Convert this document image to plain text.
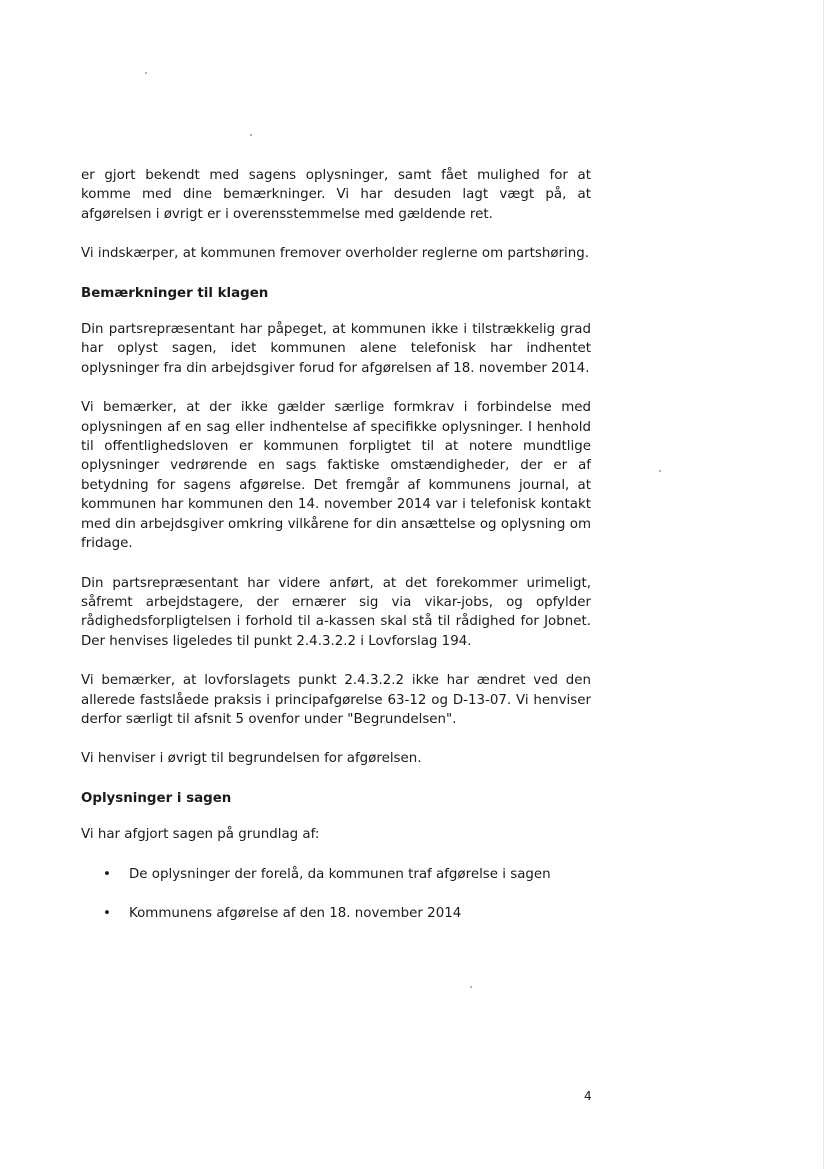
er gjort bekendt med sagens oplysninger, samt fået mulighed for at komme med dine bemærkninger. Vi har desuden lagt vægt på, at afgørelsen i øvrigt er i overensstemmelse med gældende ret.

Vi indskærper, at kommunen fremover overholder reglerne om partshøring.

Bemærkninger til klagen

Din partsrepræsentant har påpeget, at kommunen ikke i tilstrækkelig grad har oplyst sagen, idet kommunen alene telefonisk har indhentet oplysninger fra din arbejdsgiver forud for afgørelsen af 18. november 2014.

Vi bemærker, at der ikke gælder særlige formkrav i forbindelse med oplysningen af en sag eller indhentelse af specifikke oplysninger. I henhold til offentlighedsloven er kommunen forpligtet til at notere mundtlige oplysninger vedrørende en sags faktiske omstændigheder, der er af betydning for sagens afgørelse. Det fremgår af kommunens journal, at kommunen har kommunen den 14. november 2014 var i telefonisk kontakt med din arbejdsgiver omkring vilkårene for din ansættelse og oplysning om fridage.

Din partsrepræsentant har videre anført, at det forekommer urimeligt, såfremt arbejdstagere, der ernærer sig via vikar-jobs, og opfylder rådighedsforpligtelsen i forhold til a-kassen skal stå til rådighed for Jobnet. Der henvises ligeledes til punkt 2.4.3.2.2 i Lovforslag 194.

Vi bemærker, at lovforslagets punkt 2.4.3.2.2 ikke har ændret ved den allerede fastslåede praksis i principafgørelse 63-12 og D-13-07. Vi henviser derfor særligt til afsnit 5 ovenfor under "Begrundelsen".

Vi henviser i øvrigt til begrundelsen for afgørelsen.

Oplysninger i sagen

Vi har afgjort sagen på grundlag af:

• De oplysninger der forelå, da kommunen traf afgørelse i sagen
• Kommunens afgørelse af den 18. november 2014
4
